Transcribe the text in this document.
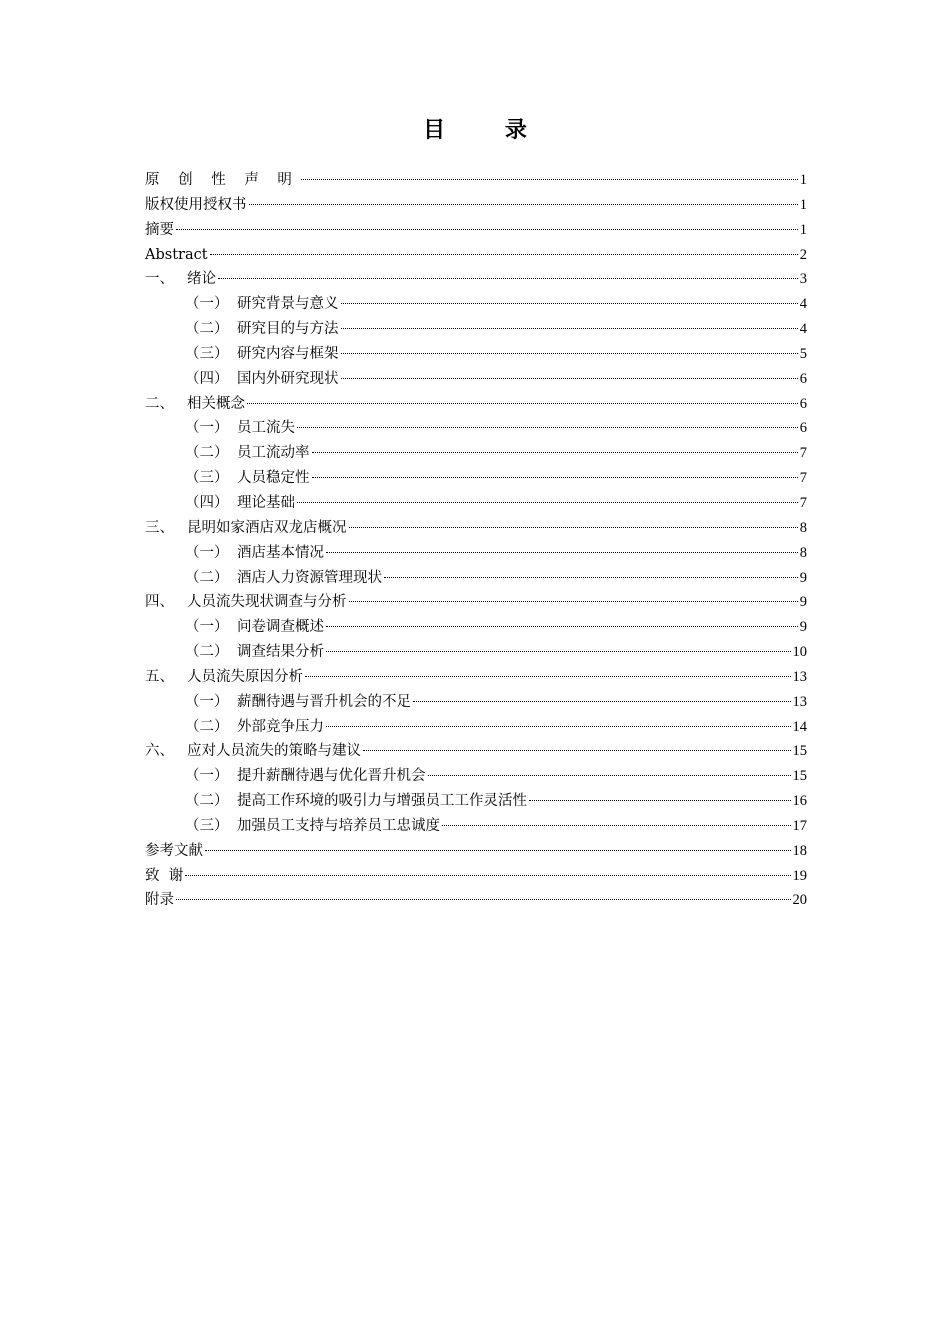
目 录
原 创 性 声 明	1
版权使用授权书	1
摘要	1
Abstract	2
一、 绪论	3
（一） 研究背景与意义	4
（二） 研究目的与方法	4
（三） 研究内容与框架	5
（四） 国内外研究现状	6
二、 相关概念	6
（一） 员工流失	6
（二） 员工流动率	7
（三） 人员稳定性	7
（四） 理论基础	7
三、 昆明如家酒店双龙店概况	8
（一） 酒店基本情况	8
（二） 酒店人力资源管理现状	9
四、 人员流失现状调查与分析	9
（一） 问卷调查概述	9
（二） 调查结果分析	10
五、 人员流失原因分析	13
（一） 薪酬待遇与晋升机会的不足	13
（二） 外部竞争压力	14
六、 应对人员流失的策略与建议	15
（一） 提升薪酬待遇与优化晋升机会	15
（二） 提高工作环境的吸引力与增强员工工作灵活性	16
（三） 加强员工支持与培养员工忠诚度	17
参考文献	18
致  谢	19
附录	20
